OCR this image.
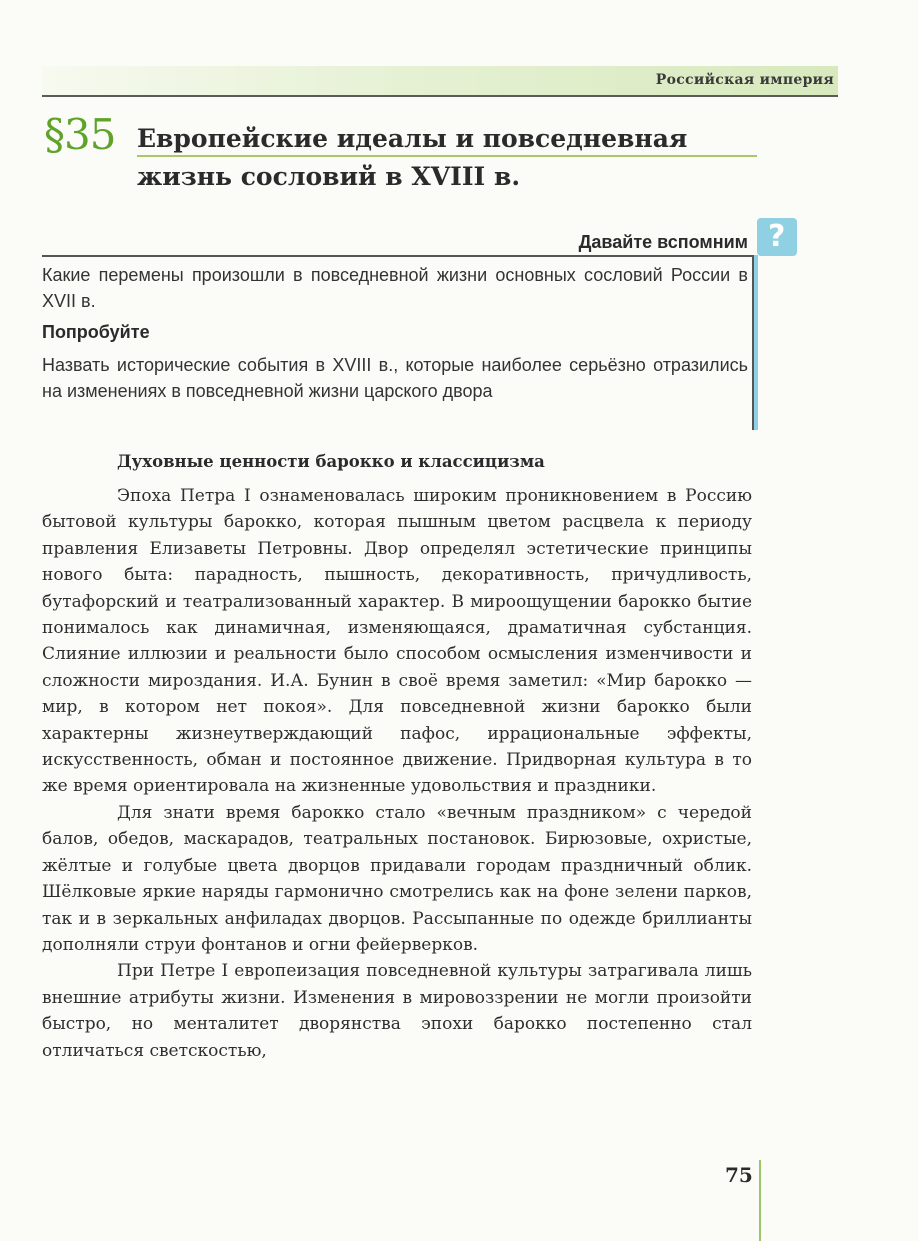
Российская империя
§35 Европейские идеалы и повседневная
жизнь сословий в XVIII в.
?
Давайте вспомним

Какие перемены произошли в повседневной жизни основных сословий России в XVII в.

Попробуйте

Назвать исторические события в XVIII в., которые наиболее серьёзно отразились на изменениях в повседневной жизни царского двора

Духовные ценности барокко и классицизма

Эпоха Петра I ознаменовалась широким проникновением в Россию бытовой культуры барокко, которая пышным цветом расцвела к периоду правления Елизаветы Петровны. Двор определял эстетические принципы нового быта: парадность, пышность, декоративность, причудливость, бутафорский и театрализованный характер. В мироощущении барокко бытие понималось как динамичная, изменяющаяся, драматичная субстанция. Слияние иллюзии и реальности было способом осмысления изменчивости и сложности мироздания. И.А. Бунин в своё время заметил: «Мир барокко — мир, в котором нет покоя». Для повседневной жизни барокко были характерны жизнеутверждающий пафос, иррациональные эффекты, искусственность, обман и постоянное движение. Придворная культура в то же время ориентировала на жизненные удовольствия и праздники.

Для знати время барокко стало «вечным праздником» с чередой балов, обедов, маскарадов, театральных постановок. Бирюзовые, охристые, жёлтые и голубые цвета дворцов придавали городам праздничный облик. Шёлковые яркие наряды гармонично смотрелись как на фоне зелени парков, так и в зеркальных анфиладах дворцов. Рассыпанные по одежде бриллианты дополняли струи фонтанов и огни фейерверков.

При Петре I европеизация повседневной культуры затрагивала лишь внешние атрибуты жизни. Изменения в мировоззрении не могли произойти быстро, но менталитет дворянства эпохи барокко постепенно стал отличаться светскостью,

75
